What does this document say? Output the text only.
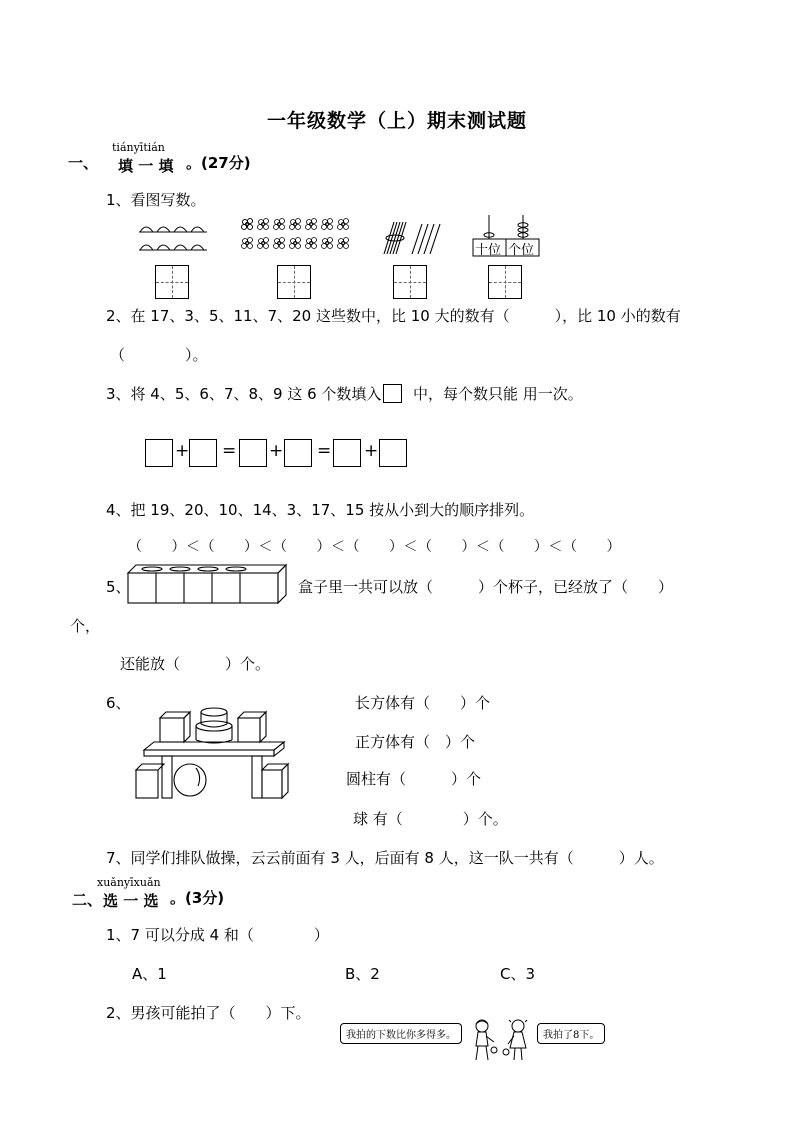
一年级数学（上）期末测试题
一、
tiányītián
填 一 填 。(27分)
1、看图写数。
十位 个位
2、在 17、3、5、11、7、20 这些数中，比 10 大的数有（　　　），比 10 小的数有
（　　　　）。
3、将 4、5、6、7、8、9 这 6 个数填入 中，每个数只能 用一次。
+ = + = +
4、把 19、20、10、14、3、17、15 按从小到大的顺序排列。
（　　）＜（　　）＜（　　）＜（　　）＜（　　）＜（　　）＜（　　）
5、	盒子里一共可以放（　　　）个杯子，已经放了（　　）
个，
还能放（　　　）个。
6、	长方体有（　　）个
正方体有（　）个
圆柱有（　　　）个
球 有（　　　　）个。
7、同学们排队做操，云云前面有 3 人，后面有 8 人，这一队一共有（　　　）人。
xuǎnyīxuǎn
二、 选 一 选 。(3分)
1、7 可以分成 4 和（　　　　）
A、1	B、2	C、3
2、男孩可能拍了（　　）下。
我拍的下数比你多得多。	我拍了8下。
